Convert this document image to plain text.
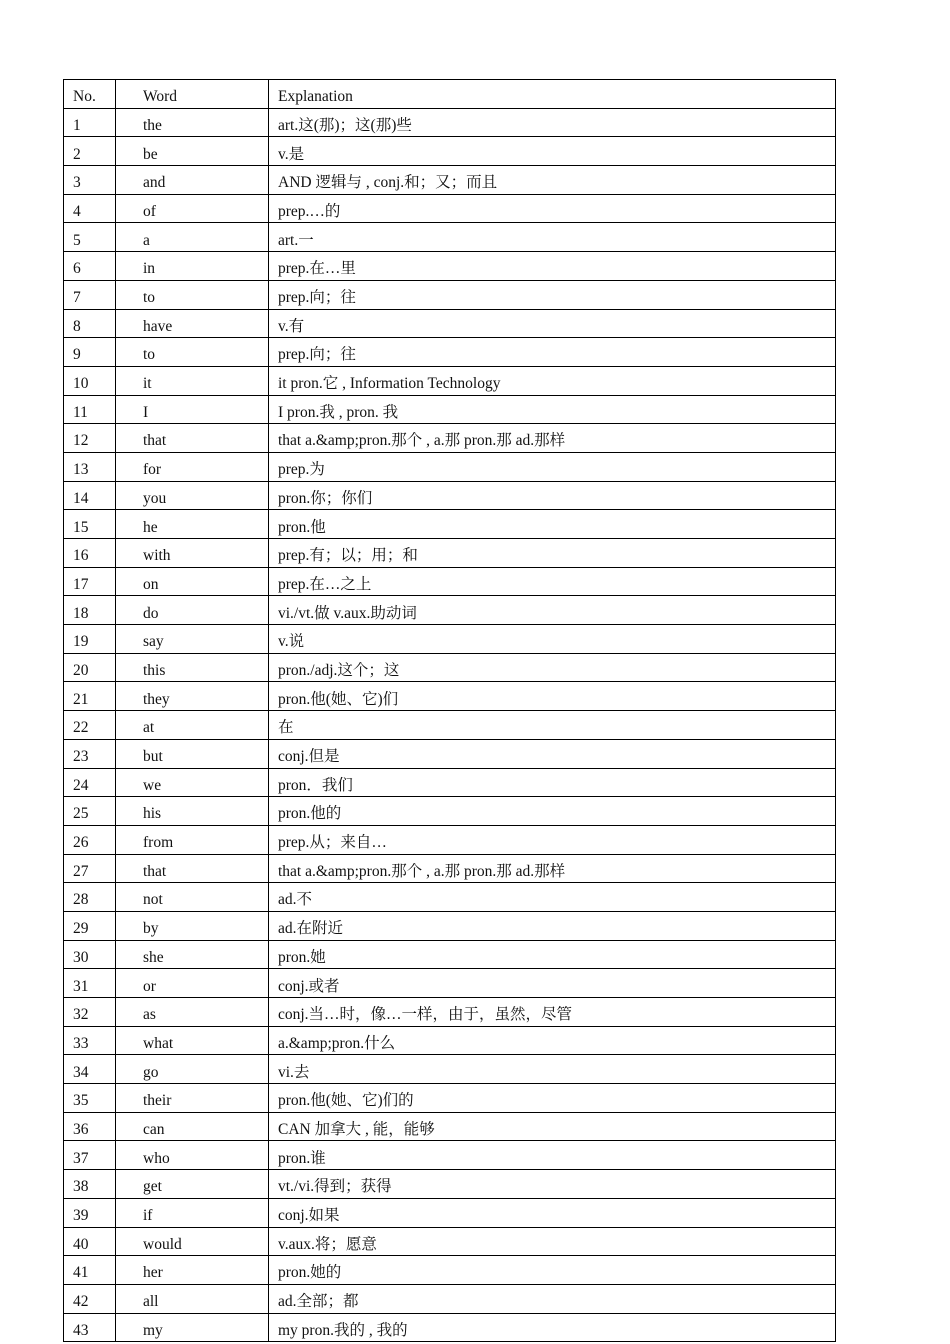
No.	Word	Explanation
1	the	art.这(那)；这(那)些
2	be	v.是
3	and	AND 逻辑与 , conj.和；又；而且
4	of	prep.…的
5	a	art.一
6	in	prep.在…里
7	to	prep.向；往
8	have	v.有
9	to	prep.向；往
10	it	it pron.它 , Information Technology
11	I	I pron.我 , pron. 我
12	that	that a.&amp;pron.那个 , a.那 pron.那 ad.那样
13	for	prep.为
14	you	pron.你；你们
15	he	pron.他
16	with	prep.有；以；用；和
17	on	prep.在…之上
18	do	vi./vt.做 v.aux.助动词
19	say	v.说
20	this	pron./adj.这个；这
21	they	pron.他(她、它)们
22	at	在
23	but	conj.但是
24	we	pron．我们
25	his	pron.他的
26	from	prep.从；来自…
27	that	that a.&amp;pron.那个 , a.那 pron.那 ad.那样
28	not	ad.不
29	by	ad.在附近
30	she	pron.她
31	or	conj.或者
32	as	conj.当…时，像…一样，由于，虽然，尽管
33	what	a.&amp;pron.什么
34	go	vi.去
35	their	pron.他(她、它)们的
36	can	CAN 加拿大 , 能，能够
37	who	pron.谁
38	get	vt./vi.得到；获得
39	if	conj.如果
40	would	v.aux.将；愿意
41	her	pron.她的
42	all	ad.全部；都
43	my	my pron.我的 , 我的
